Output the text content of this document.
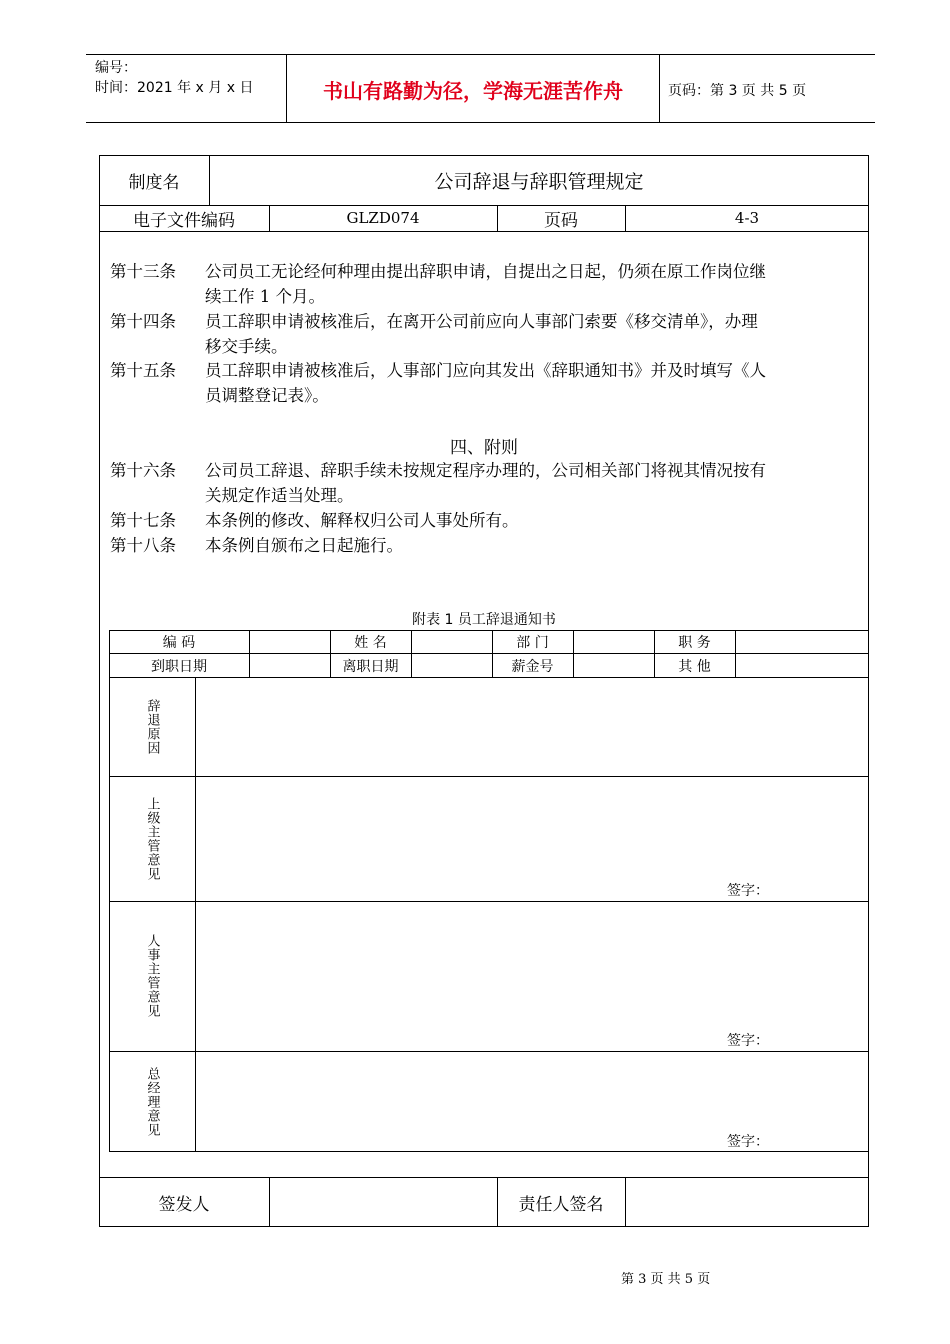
编号：
时间：2021 年 x 月 x 日	书山有路勤为径，学海无涯苦作舟	页码：第 3 页 共 5 页
制度名	公司辞退与辞职管理规定
电子文件编码	GLZD074	页码	4-3
第十三条 公司员工无论经何种理由提出辞职申请，自提出之日起，仍须在原工作岗位继
续工作 1 个月。
第十四条 员工辞职申请被核准后，在离开公司前应向人事部门索要《移交清单》，办理
移交手续。
第十五条 员工辞职申请被核准后，人事部门应向其发出《辞职通知书》并及时填写《人
员调整登记表》。
四、附则
第十六条 公司员工辞退、辞职手续未按规定程序办理的，公司相关部门将视其情况按有
关规定作适当处理。
第十七条 本条例的修改、解释权归公司人事处所有。
第十八条 本条例自颁布之日起施行。
附表 1 员工辞退通知书
编 码	姓 名	部 门	职 务
到职日期	离职日期	薪金号	其 他
辞退原因
上级主管意见
签字：
人事主管意见
签字：
总经理意见
签字：
签发人	责任人签名
第 3 页 共 5 页
